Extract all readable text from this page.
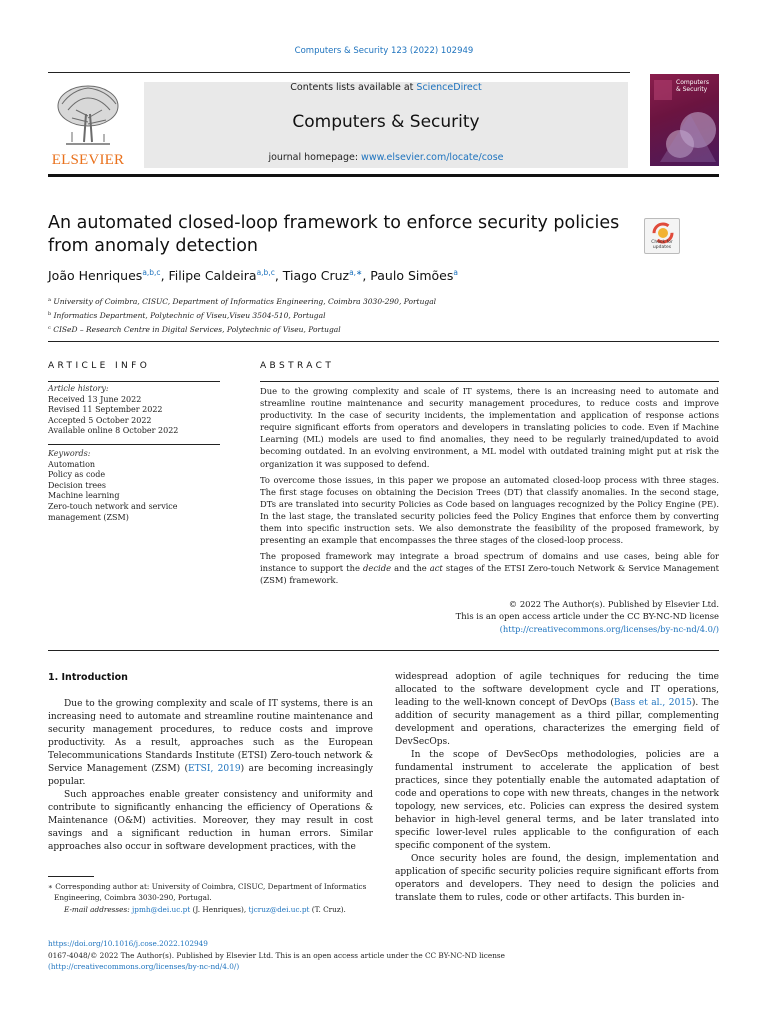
Computers & Security 123 (2022) 102949
ELSEVIER
Contents lists available at ScienceDirect
Computers & Security
journal homepage: www.elsevier.com/locate/cose
Computers
& Security
An automated closed-loop framework to enforce security policies from anomaly detection	Check for
updates
João Henriques$^{a,b,c}$, Filipe Caldeira$^{a,b,c}$, Tiago Cruz$^{a,∗}$, Paulo Simões$^a$
$^a$ University of Coimbra, CISUC, Department of Informatics Engineering, Coimbra 3030-290, Portugal
$^b$ Informatics Department, Polytechnic of Viseu,Viseu 3504-510, Portugal
$^c$ CISeD – Research Centre in Digital Services, Polytechnic of Viseu, Portugal
ARTICLE INFO
Article history:
Received 13 June 2022
Revised 11 September 2022
Accepted 5 October 2022
Available online 8 October 2022
Keywords:
Automation
Policy as code
Decision trees
Machine learning
Zero-touch network and service
management (ZSM)
ABSTRACT

Due to the growing complexity and scale of IT systems, there is an increasing need to automate and streamline routine maintenance and security management procedures, to reduce costs and improve productivity. In the case of security incidents, the implementation and application of response actions require significant efforts from operators and developers in translating policies to code. Even if Machine Learning (ML) models are used to find anomalies, they need to be regularly trained/updated to avoid becoming outdated. In an evolving environment, a ML model with outdated training might put at risk the organization it was supposed to defend.

To overcome those issues, in this paper we propose an automated closed-loop process with three stages. The first stage focuses on obtaining the Decision Trees (DT) that classify anomalies. In the second stage, DTs are translated into security Policies as Code based on languages recognized by the Policy Engine (PE). In the last stage, the translated security policies feed the Policy Engines that enforce them by converting them into specific instruction sets. We also demonstrate the feasibility of the proposed framework, by presenting an example that encompasses the three stages of the closed-loop process.

The proposed framework may integrate a broad spectrum of domains and use cases, being able for instance to support the decide and the act stages of the ETSI Zero-touch Network & Service Management (ZSM) framework.

© 2022 The Author(s). Published by Elsevier Ltd.
This is an open access article under the CC BY-NC-ND license
(http://creativecommons.org/licenses/by-nc-nd/4.0/)
1. Introduction

Due to the growing complexity and scale of IT systems, there is an increasing need to automate and streamline routine maintenance and security management procedures, to reduce costs and improve productivity. As a result, approaches such as the European Telecommunications Standards Institute (ETSI) Zero-touch network & Service Management (ZSM) (ETSI, 2019) are becoming increasingly popular.

Such approaches enable greater consistency and uniformity and contribute to significantly enhancing the efficiency of Operations & Maintenance (O&M) activities. Moreover, they may result in cost savings and a significant reduction in human errors. Similar approaches also occur in software development practices, with the

widespread adoption of agile techniques for reducing the time allocated to the software development cycle and IT operations, leading to the well-known concept of DevOps (Bass et al., 2015). The addition of security management as a third pillar, complementing development and operations, characterizes the emerging field of DevSecOps.

In the scope of DevSecOps methodologies, policies are a fundamental instrument to accelerate the application of best practices, since they potentially enable the automated adaptation of code and operations to cope with new threats, changes in the network topology, new services, etc. Policies can express the desired system behavior in high-level general terms, and be later translated into specific lower-level rules applicable to the configuration of each specific component of the system.

Once security holes are found, the design, implementation and application of specific security policies require significant efforts from operators and developers. They need to design the policies and translate them to rules, code or other artifacts. This burden in-

∗ Corresponding author at: University of Coimbra, CISUC, Department of Informatics Engineering, Coimbra 3030-290, Portugal.
E-mail addresses: jpmh@dei.uc.pt (J. Henriques), tjcruz@dei.uc.pt (T. Cruz).
https://doi.org/10.1016/j.cose.2022.102949
0167-4048/© 2022 The Author(s). Published by Elsevier Ltd. This is an open access article under the CC BY-NC-ND license
(http://creativecommons.org/licenses/by-nc-nd/4.0/)
